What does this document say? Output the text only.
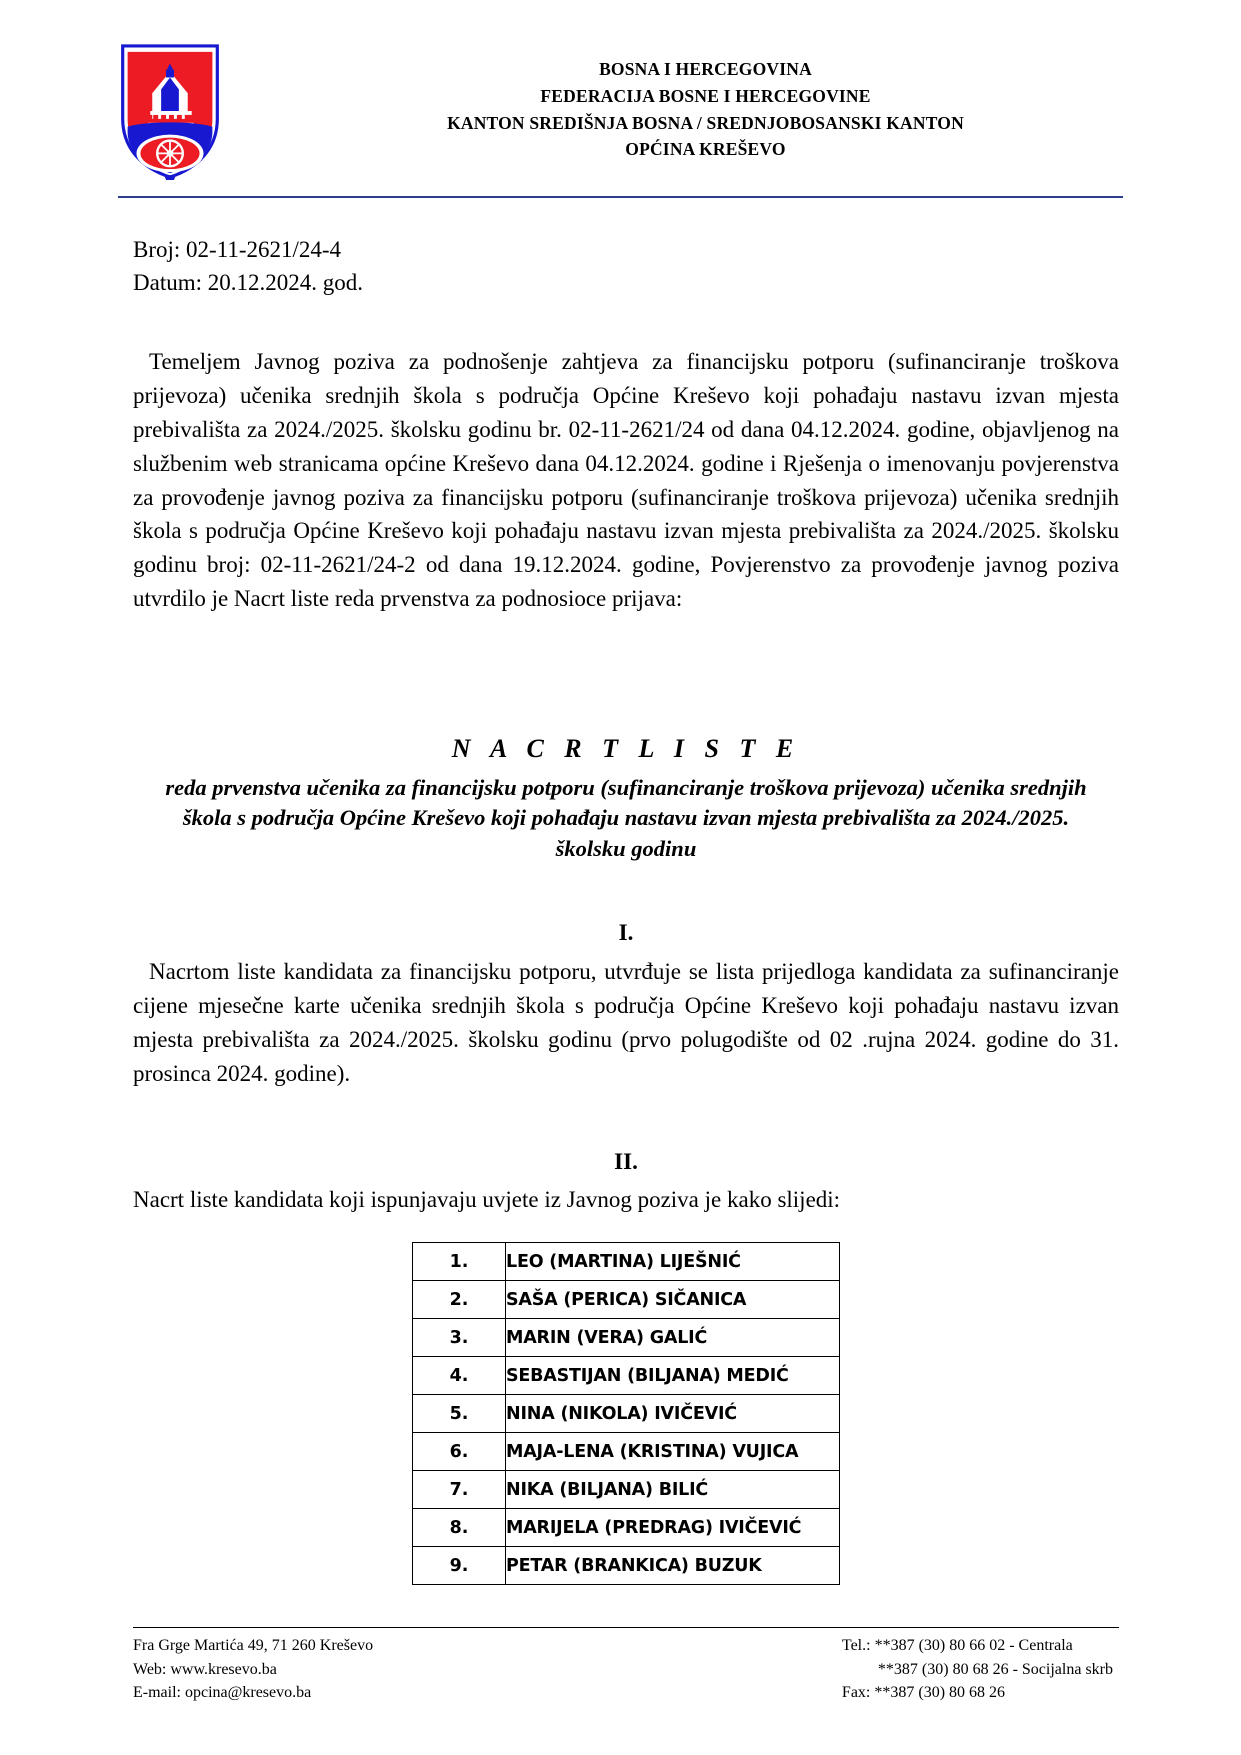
BOSNA I HERCEGOVINA
FEDERACIJA BOSNE I HERCEGOVINE
KANTON SREDIŠNJA BOSNA / SREDNJOBOSANSKI KANTON
OPĆINA KREŠEVO
Broj: 02-11-2621/24-4
Datum: 20.12.2024. god.
Temeljem Javnog poziva za podnošenje zahtjeva za financijsku potporu (sufinanciranje troškova prijevoza) učenika srednjih škola s područja Općine Kreševo koji pohađaju nastavu izvan mjesta prebivališta za 2024./2025. školsku godinu br. 02-11-2621/24 od dana 04.12.2024. godine, objavljenog na službenim web stranicama općine Kreševo dana 04.12.2024. godine i Rješenja o imenovanju povjerenstva za provođenje javnog poziva za financijsku potporu (sufinanciranje troškova prijevoza) učenika srednjih škola s područja Općine Kreševo koji pohađaju nastavu izvan mjesta prebivališta za 2024./2025. školsku godinu broj: 02-11-2621/24-2 od dana 19.12.2024. godine, Povjerenstvo za provođenje javnog poziva utvrdilo je Nacrt liste reda prvenstva za podnosioce prijava:
N A C R T L I S T E
reda prvenstva učenika za financijsku potporu (sufinanciranje troškova prijevoza) učenika srednjih škola s područja Općine Kreševo koji pohađaju nastavu izvan mjesta prebivališta za 2024./2025. školsku godinu
I.
Nacrtom liste kandidata za financijsku potporu, utvrđuje se lista prijedloga kandidata za sufinanciranje cijene mjesečne karte učenika srednjih škola s područja Općine Kreševo koji pohađaju nastavu izvan mjesta prebivališta za 2024./2025. školsku godinu (prvo polugodište od 02 .rujna 2024. godine do 31. prosinca 2024. godine).
II.
Nacrt liste kandidata koji ispunjavaju uvjete iz Javnog poziva je kako slijedi:
1.	LEO (MARTINA) LIJEŠNIĆ
2.	SAŠA (PERICA) SIČANICA
3.	MARIN (VERA) GALIĆ
4.	SEBASTIJAN (BILJANA) MEDIĆ
5.	NINA (NIKOLA) IVIČEVIĆ
6.	MAJA-LENA (KRISTINA) VUJICA
7.	NIKA (BILJANA) BILIĆ
8.	MARIJELA (PREDRAG) IVIČEVIĆ
9.	PETAR (BRANKICA) BUZUK
Fra Grge Martića 49, 71 260 Kreševo
Web: www.kresevo.ba
E-mail: opcina@kresevo.ba
Tel.: **387 (30) 80 66 02 - Centrala
**387 (30) 80 68 26 - Socijalna skrb
Fax: **387 (30) 80 68 26
